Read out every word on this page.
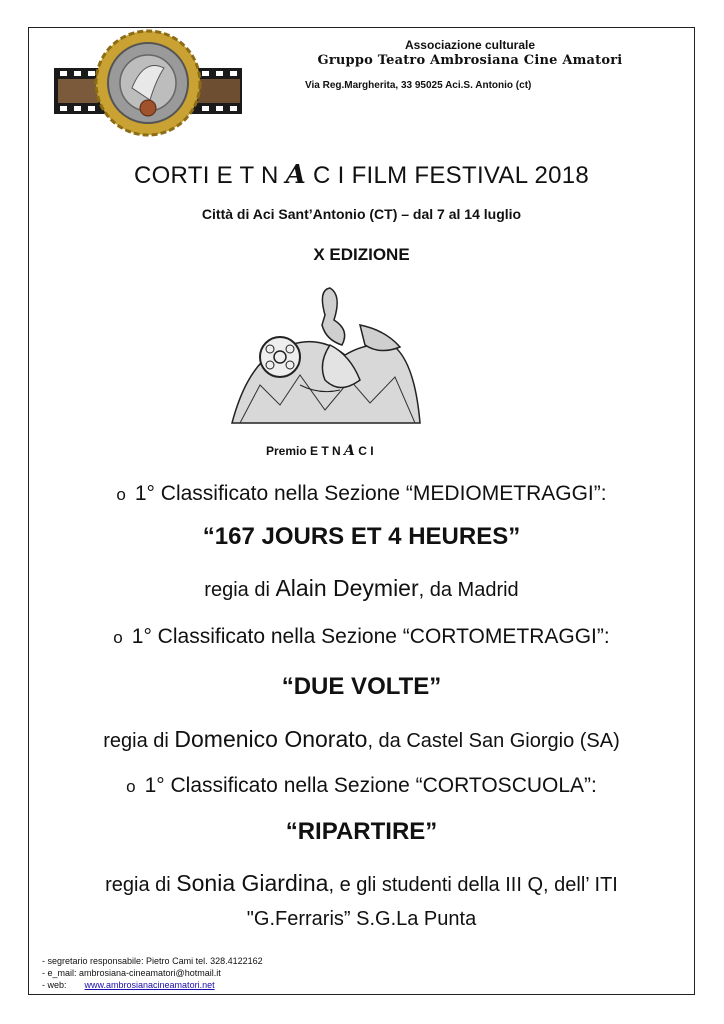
Associazione culturale
Gruppo Teatro Ambrosiana Cine Amatori
Via Reg.Margherita, 33 95025 Aci.S. Antonio (ct)
CORTI E T N A C I FILM FESTIVAL 2018
Città di Aci Sant’Antonio (CT) – dal 7 al 14 luglio
X EDIZIONE
Premio E T N A C I
o 1° Classificato nella Sezione “MEDIOMETRAGGI”:
“167 JOURS ET 4 HEURES”
regia di Alain Deymier, da Madrid
o 1° Classificato nella Sezione “CORTOMETRAGGI”:
“DUE VOLTE”
regia di Domenico Onorato, da Castel San Giorgio (SA)
o 1° Classificato nella Sezione “CORTOSCUOLA”:
“RIPARTIRE”
regia di Sonia Giardina, e gli studenti della III Q, dell’ ITI
"G.Ferraris” S.G.La Punta
- segretario responsabile: Pietro Cami tel. 328.4122162
- e_mail: ambrosiana-cineamatori@hotmail.it
- web: www.ambrosianacineamatori.net
